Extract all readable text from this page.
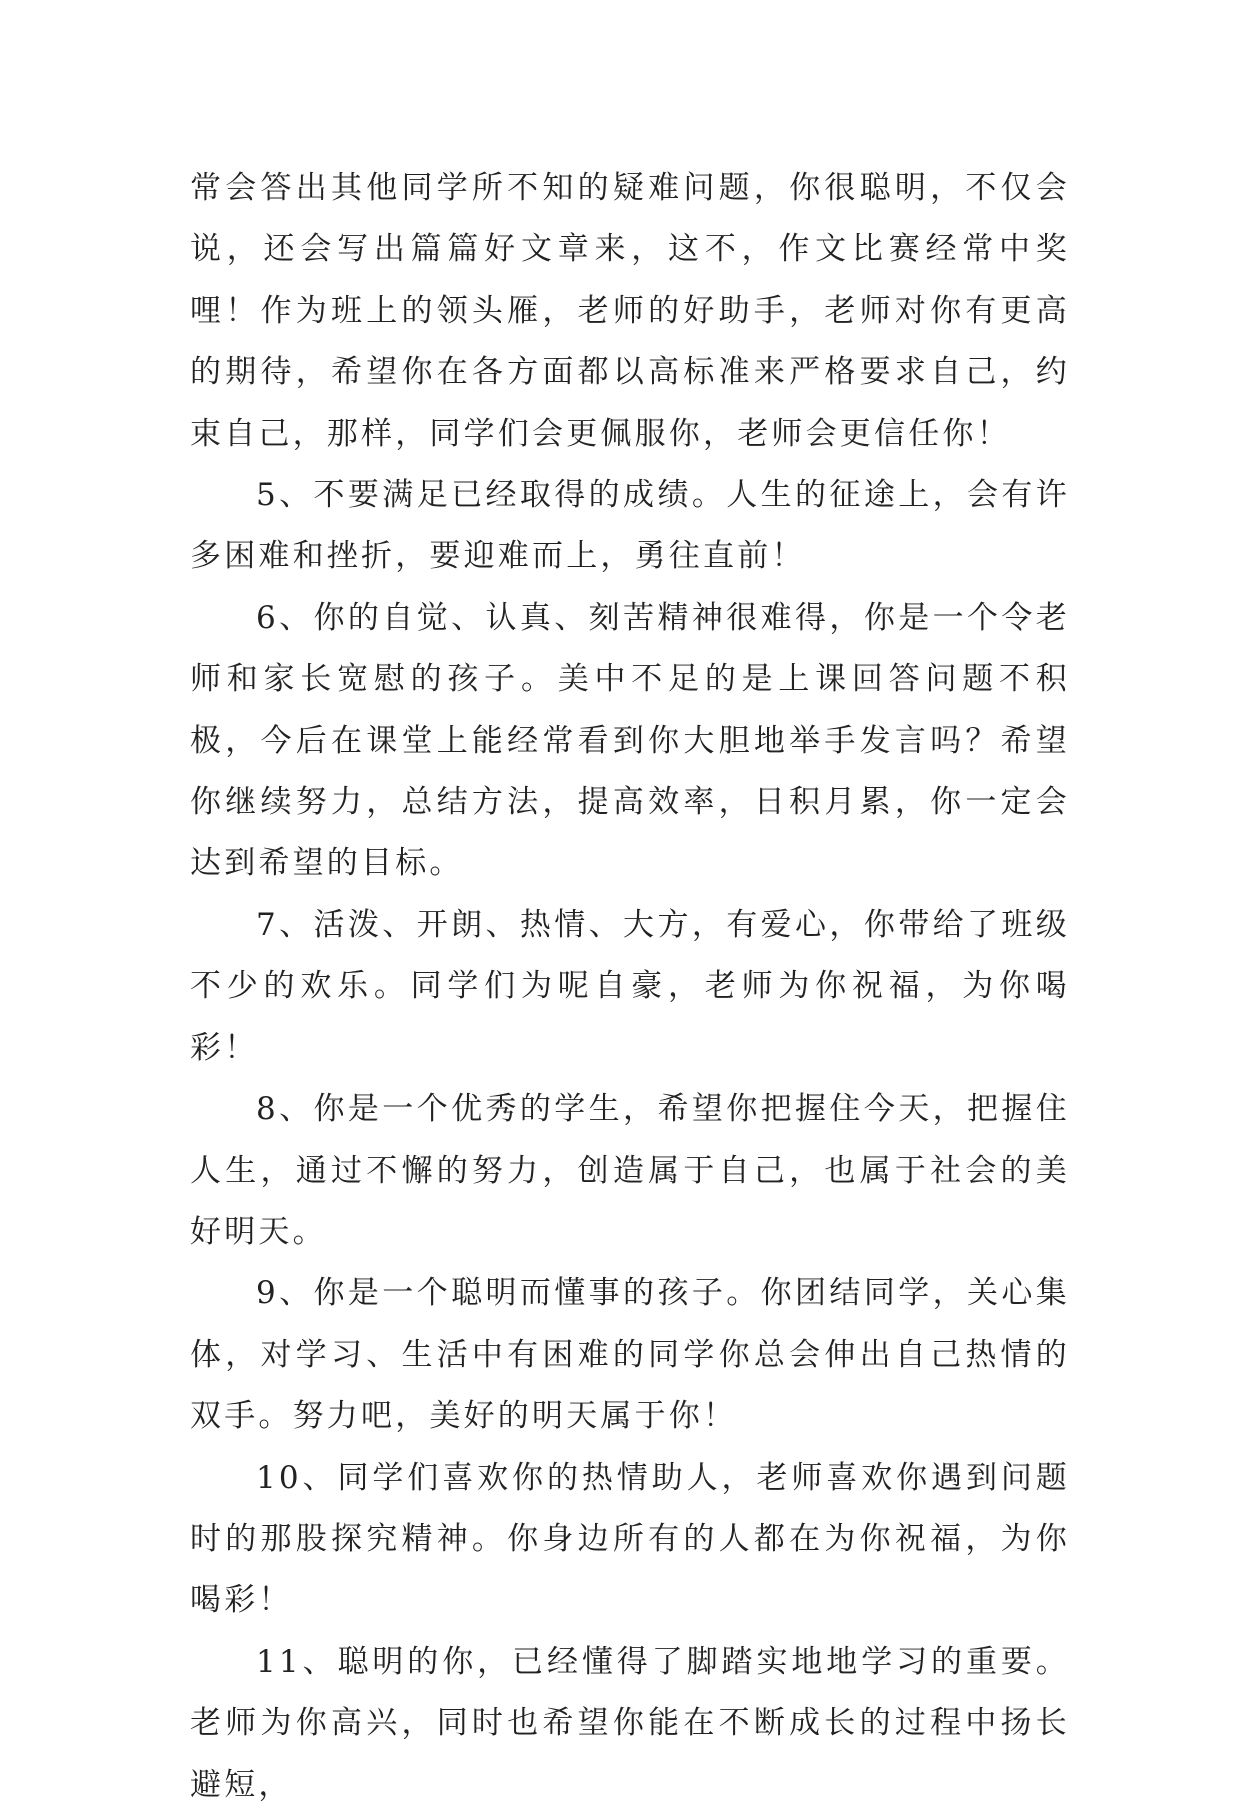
常会答出其他同学所不知的疑难问题，你很聪明，不仅会说，还会写出篇篇好文章来，这不，作文比赛经常中奖哩！作为班上的领头雁，老师的好助手，老师对你有更高的期待，希望你在各方面都以高标准来严格要求自己，约束自己，那样，同学们会更佩服你，老师会更信任你！

5、不要满足已经取得的成绩。人生的征途上，会有许多困难和挫折，要迎难而上，勇往直前！

6、你的自觉、认真、刻苦精神很难得，你是一个令老师和家长宽慰的孩子。美中不足的是上课回答问题不积极，今后在课堂上能经常看到你大胆地举手发言吗？希望你继续努力，总结方法，提高效率，日积月累，你一定会达到希望的目标。

7、活泼、开朗、热情、大方，有爱心，你带给了班级不少的欢乐。同学们为呢自豪，老师为你祝福，为你喝彩！

8、你是一个优秀的学生，希望你把握住今天，把握住人生，通过不懈的努力，创造属于自己，也属于社会的美好明天。

9、你是一个聪明而懂事的孩子。你团结同学，关心集体，对学习、生活中有困难的同学你总会伸出自己热情的双手。努力吧，美好的明天属于你！

10、同学们喜欢你的热情助人，老师喜欢你遇到问题时的那股探究精神。你身边所有的人都在为你祝福，为你喝彩！

11、聪明的你，已经懂得了脚踏实地地学习的重要。老师为你高兴，同时也希望你能在不断成长的过程中扬长避短，
